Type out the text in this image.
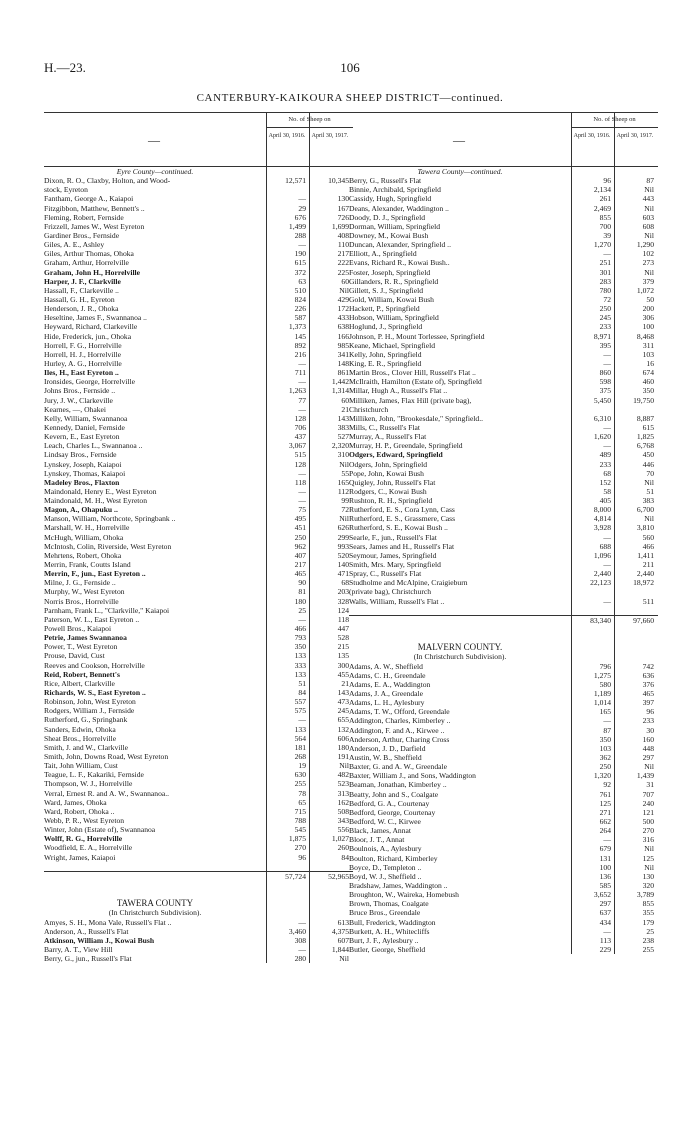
H.—23.	106
CANTERBURY-KAIKOURA SHEEP DISTRICT—continued.
—
No. of Sheep on
April 30, 1916.	April 30, 1917.
Eyre County—continued.
Dixon, R. O., Claxby, Holton, and Wood-	12,571	10,345
stock, Eyreton
Fantham, George A., Kaiapoi	—	130
Fitzgibbon, Matthew, Bennett's ..	29	167
Fleming, Robert, Fernside	676	726
Frizzell, James W., West Eyreton	1,499	1,699
Gardiner Bros., Fernside	288	408
Giles, A. E., Ashley	—	110
Giles, Arthur Thomas, Ohoka	190	217
Graham, Arthur, Horrelville	615	222
Graham, John H., Horrelville	372	225
Harper, J. F., Clarkville	63	60
Hassall, F., Clarkeville ..	510	Nil
Hassall, G. H., Eyreton	824	429
Henderson, J. R., Ohoka	226	172
Heseltine, James F., Swannanoa ..	587	433
Heyward, Richard, Clarkeville	1,373	638
Hide, Frederick, jun., Ohoka	145	166
Horrell, F. G., Horrelville	892	985
Horrell, H. J., Horrelville	216	341
Hurley, A. G., Horrelville	—	148
Iles, H., East Eyreton ..	711	861
Ironsides, George, Horrelville	—	1,442
Johns Bros., Fernside ..	1,263	1,314
Jury, J. W., Clarkeville	77	60
Kearnes, —, Ohakei	—	21
Kelly, William, Swannanoa	128	143
Kennedy, Daniel, Fernside	706	383
Kevern, E., East Eyreton	437	527
Leach, Charles L., Swannanoa ..	3,067	2,320
Lindsay Bros., Fernside	515	310
Lynskey, Joseph, Kaiapoi	128	Nil
Lynskey, Thomas, Kaiapoi	—	55
Madeley Bros., Flaxton	118	165
Maindonald, Henry E., West Eyreton	—	112
Maindonald, M. H., West Eyreton	—	99
Magon, A., Ohapuku ..	75	72
Manson, William, Northcote, Springbank ..	495	Nil
Marshall, W. H., Horrelville	451	626
McHugh, William, Ohoka	250	299
McIntosh, Colin, Riverside, West Eyreton	962	993
Mehrtens, Robert, Ohoka	407	520
Merrin, Frank, Coutts Island	217	140
Merrin, F., jun., East Eyreton ..	465	471
Milne, J. G., Fernside ..	90	68
Murphy, W., West Eyreton	81	203
Norris Bros., Horrelville	180	328
Parnham, Frank L., "Clarkville," Kaiapoi	25	124
Paterson, W. L., East Eyreton ..	—	118
Powell Bros., Kaiapoi	466	447
Petrie, James Swannanoa	793	528
Power, T., West Eyreton	350	215
Prouse, David, Cust	133	135
Reeves and Cookson, Horrelville	333	300
Reid, Robert, Bennett's	133	455
Rice, Albert, Clarkville	51	21
Richards, W. S., East Eyreton ..	84	143
Robinson, John, West Eyreton	557	473
Rodgers, William J., Fernside	575	245
Rutherford, G., Springbank	—	655
Sanders, Edwin, Ohoka	133	132
Sheat Bros., Horrelville	564	606
Smith, J. and W., Clarkville	181	180
Smith, John, Downs Road, West Eyreton	268	191
Tait, John William, Cust	19	Nil
Teague, L. F., Kakariki, Fernside	630	482
Thompson, W. J., Horrelville	255	523
Verral, Ernest R. and A. W., Swannanoa..	78	313
Ward, James, Ohoka	65	162
Ward, Robert, Ohoka ..	715	508
Webb, P. R., West Eyreton	788	343
Winter, John (Estate of), Swannanoa	545	556
Wolff, R. G., Horrelville	1,875	1,027
Woodfield, E. A., Horrelville	270	260
Wright, James, Kaiapoi	96	84
57,724	52,965
TAWERA COUNTY
(In Christchurch Subdivision).
Amyes, S. H., Mona Vale, Russell's Flat ..	—	613
Anderson, A., Russell's Flat	3,460	4,375
Atkinson, William J., Kowai Bush	308	607
Barry, A. T., View Hill	—	1,844
Berry, G., jun., Russell's Flat	280	Nil
—
No. of Sheep on
April 30, 1916.	April 30, 1917.
Tawera County—continued.
Berry, G., Russell's Flat	96	87
Binnie, Archibald, Springfield	2,134	Nil
Cassidy, Hugh, Springfield	261	443
Deans, Alexander, Waddington ..	2,469	Nil
Doody, D. J., Springfield	855	603
Dorman, William, Springfield	700	608
Downey, M., Kowai Bush	39	Nil
Duncan, Alexander, Springfield ..	1,270	1,290
Elliott, A., Springfield	—	102
Evans, Richard R., Kowai Bush..	251	273
Foster, Joseph, Springfield	301	Nil
Gillanders, R. R., Springfield	283	379
Gillett, S. J., Springfield	780	1,072
Gold, William, Kowai Bush	72	50
Hackett, P., Springfield	250	200
Hobson, William, Springfield	245	306
Hoglund, J., Springfield	233	100
Johnson, P. H., Mount Torlessee, Springfield	8,971	8,468
Keane, Michael, Springfield	395	311
Kelly, John, Springfield	—	103
King, E. R., Springfield	—	16
Martin Bros., Clover Hill, Russell's Flat ..	860	674
McIlraith, Hamilton (Estate of), Springfield	598	460
Millar, Hugh A., Russell's Flat ..	375	350
Milliken, James, Flax Hill (private bag),	5,450	19,750
Christchurch
Milliken, John, "Brookesdale," Springfield..	6,310	8,887
Mills, C., Russell's Flat	—	615
Murray, A., Russell's Flat	1,620	1,825
Murray, H. P., Greendale, Springfield	—	6,768
Odgers, Edward, Springfield	489	450
Odgers, John, Springfield	233	446
Pope, John, Kowai Bush	68	70
Quigley, John, Russell's Flat	152	Nil
Rodgers, C., Kowai Bush	58	51
Rushton, R. H., Springfield	405	383
Rutherford, E. S., Cora Lynn, Cass	8,000	6,700
Rutherford, E. S., Grassmere, Cass	4,814	Nil
Rutherford, S. E., Kowai Bush ..	3,928	3,810
Searle, F., jun., Russell's Flat	—	560
Sears, James and H., Russell's Flat	688	466
Seymour, James, Springfield	1,096	1,411
Smith, Mrs. Mary, Springfield	—	211
Spray, C., Russell's Flat	2,440	2,440
Studholme and McAlpine, Craigieburn	22,123	18,972
(private bag), Christchurch
Walls, William, Russell's Flat ..	—	511
83,340	97,660
MALVERN COUNTY.
(In Christchurch Subdivision).
Adams, A. W., Sheffield	796	742
Adams, C. H., Greendale	1,275	636
Adams, E. A., Waddington	580	376
Adams, J. A., Greendale	1,189	465
Adams, L. H., Aylesbury	1,014	397
Adams, T. W., Offord, Greendale	165	96
Addington, Charles, Kimberley ..	—	233
Addington, F. and A., Kirwee ..	87	30
Anderson, Arthur, Charing Cross	350	160
Anderson, J. D., Darfield	103	448
Austin, W. B., Sheffield	362	297
Baxter, G. and A. W., Greendale	250	Nil
Baxter, William J., and Sons, Waddington	1,320	1,439
Beaman, Jonathan, Kimberley ..	92	31
Beatty, John and S., Coalgate	761	707
Bedford, G. A., Courtenay	125	240
Bedford, George, Courtenay	271	121
Bedford, W. C., Kirwee	662	500
Black, James, Annat	264	270
Bloor, J. T., Annat	—	316
Boulnois, A., Aylesbury	679	Nil
Boulton, Richard, Kimberley	131	125
Boyce, D., Templeton ..	100	Nil
Boyd, W. J., Sheffield ..	136	130
Bradshaw, James, Waddington ..	585	320
Broughton, W., Waireka, Homebush	3,652	3,789
Brown, Thomas, Coalgate	297	855
Bruce Bros., Greendale	637	355
Bull, Frederick, Waddington	434	179
Burkett, A. H., Whitecliffs	—	25
Burt, J. F., Aylesbury ..	113	238
Butler, George, Sheffield	229	255
